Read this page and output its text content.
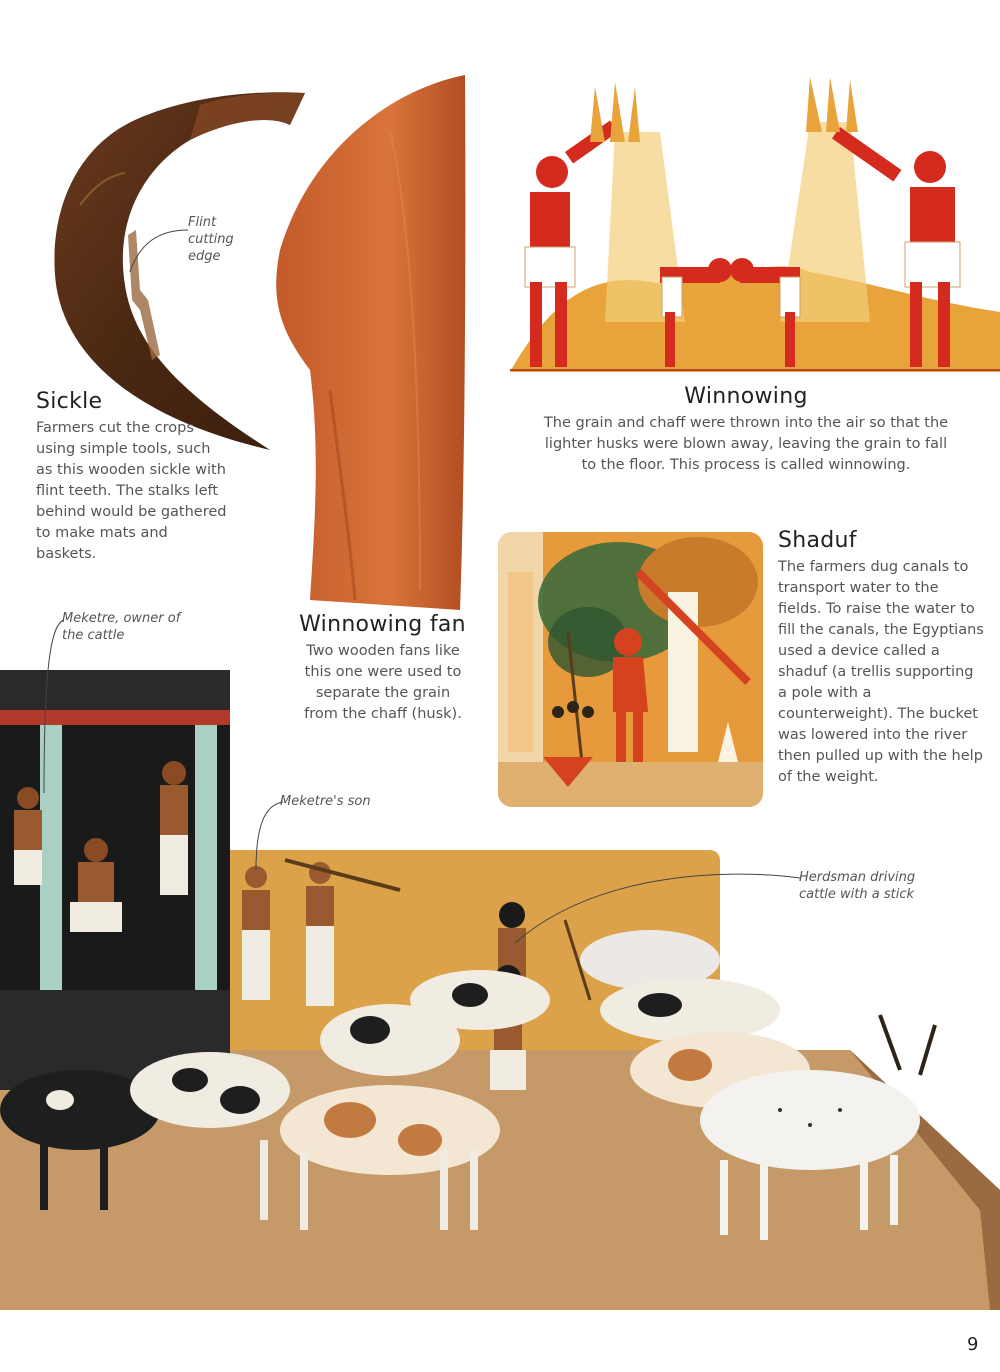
Flint cutting edge
Sickle
Farmers cut the crops using simple tools, such as this wooden sickle with flint teeth. The stalks left behind would be gathered to make mats and baskets.
Winnowing fan
Two wooden fans like this one were used to separate the grain from the chaff (husk).
Winnowing
The grain and chaff were thrown into the air so that the lighter husks were blown away, leaving the grain to fall to the floor. This process is called winnowing.
Shaduf
The farmers dug canals to transport water to the fields. To raise the water to fill the canals, the Egyptians used a device called a shaduf (a trellis supporting a pole with a counterweight). The bucket was lowered into the river then pulled up with the help of the weight.
Meketre, owner of the cattle
Meketre's son
Herdsman driving cattle with a stick
9
